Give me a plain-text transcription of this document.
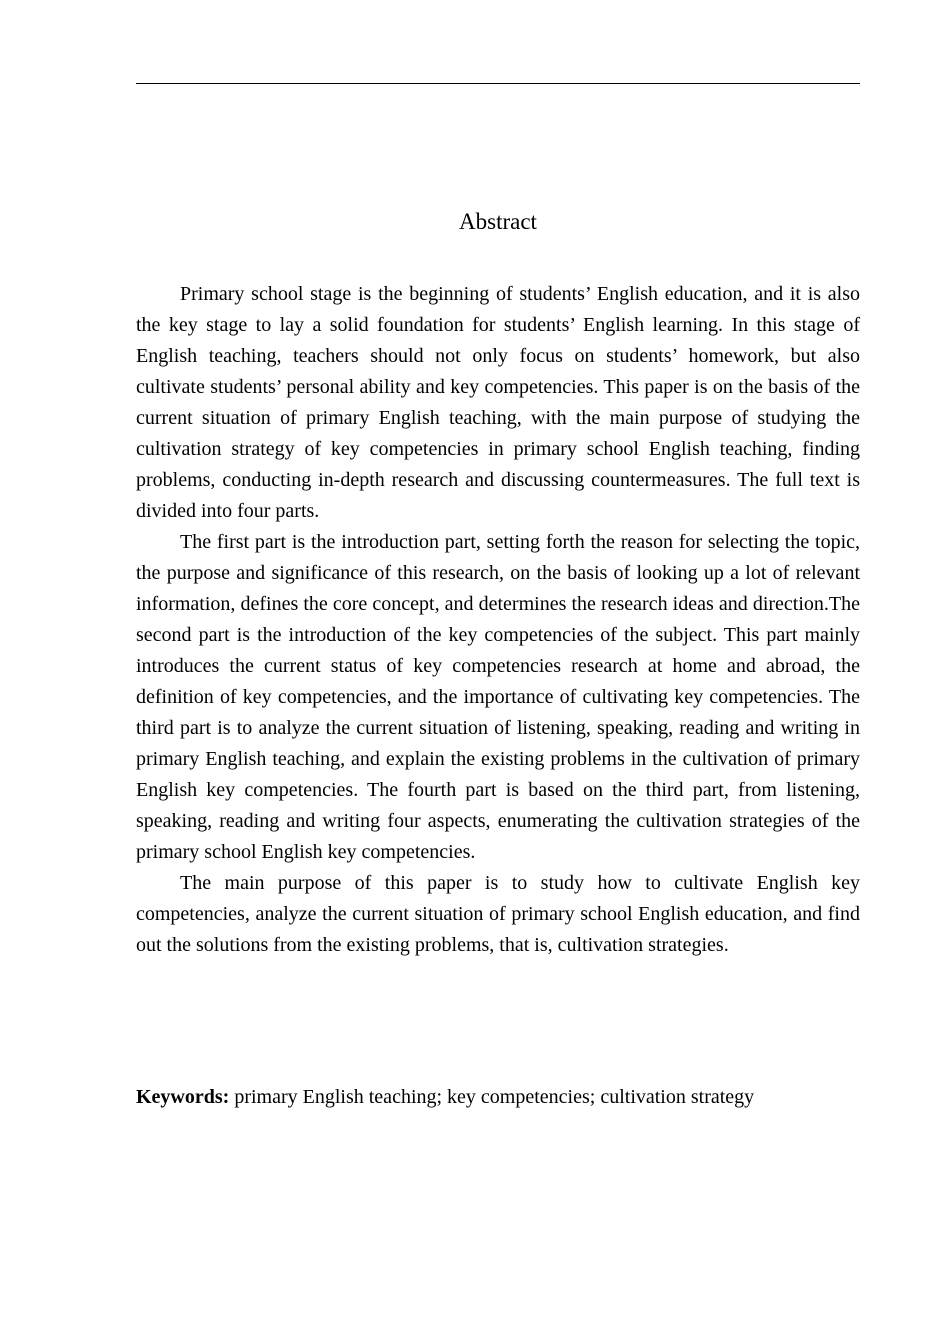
Abstract

Primary school stage is the beginning of students’ English education, and it is also the key stage to lay a solid foundation for students’ English learning. In this stage of English teaching, teachers should not only focus on students’ homework, but also cultivate students’ personal ability and key competencies. This paper is on the basis of the current situation of primary English teaching, with the main purpose of studying the cultivation strategy of key competencies in primary school English teaching, finding problems, conducting in-depth research and discussing countermeasures. The full text is divided into four parts.

The first part is the introduction part, setting forth the reason for selecting the topic, the purpose and significance of this research, on the basis of looking up a lot of relevant information, defines the core concept, and determines the research ideas and direction.The second part is the introduction of the key competencies of the subject. This part mainly introduces the current status of key competencies research at home and abroad, the definition of key competencies, and the importance of cultivating key competencies. The third part is to analyze the current situation of listening, speaking, reading and writing in primary English teaching, and explain the existing problems in the cultivation of primary English key competencies. The fourth part is based on the third part, from listening, speaking, reading and writing four aspects, enumerating the cultivation strategies of the primary school English key competencies.

The main purpose of this paper is to study how to cultivate English key competencies, analyze the current situation of primary school English education, and find out the solutions from the existing problems, that is, cultivation strategies.

Keywords: primary English teaching; key competencies; cultivation strategy
